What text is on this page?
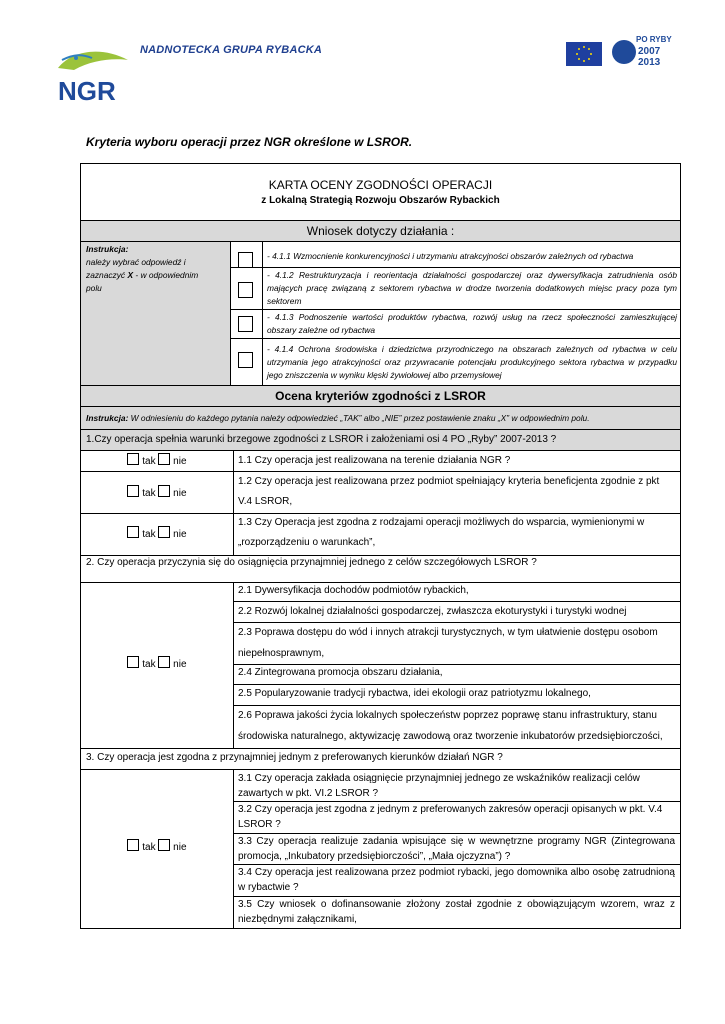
NGR
NADNOTECKA GRUPA RYBACKA
PO RYBY
2007
2013
Kryteria wyboru operacji przez NGR określone w LSROR.
KARTA OCENY ZGODNOŚCI OPERACJI
z Lokalną Strategią Rozwoju Obszarów Rybackich
Wniosek dotyczy działania :
Instrukcja:
należy wybrać odpowiedź i
zaznaczyć X - w odpowiednim
polu
- 4.1.1 Wzmocnienie konkurencyjności i utrzymaniu atrakcyjności obszarów zależnych od rybactwa
- 4.1.2 Restrukturyzacja i reorientacja działalności gospodarczej oraz dywersyfikacja zatrudnienia osób mających pracę związaną z sektorem rybactwa w drodze tworzenia dodatkowych miejsc pracy poza tym sektorem
- 4.1.3 Podnoszenie wartości produktów rybactwa, rozwój usług na rzecz społeczności zamieszkującej obszary zależne od rybactwa
- 4.1.4 Ochrona środowiska i dziedzictwa przyrodniczego na obszarach zależnych od rybactwa w celu utrzymania jego atrakcyjności oraz przywracanie potencjału produkcyjnego sektora rybactwa w przypadku jego zniszczenia w wyniku klęski żywiołowej albo przemysłowej
Ocena kryteriów zgodności z LSROR
Instrukcja: W odniesieniu do każdego pytania należy odpowiedzieć „TAK” albo „NIE” przez postawienie znaku „X” w odpowiednim polu.
1.Czy operacja spełnia warunki brzegowe zgodności z LSROR i założeniami osi 4 PO „Ryby” 2007-2013 ?
tak nie	1.1 Czy operacja jest realizowana na terenie działania NGR ?
tak nie
1.2 Czy operacja jest realizowana przez podmiot spełniający kryteria beneficjenta zgodnie z pkt V.4 LSROR,
tak nie
1.3 Czy Operacja jest zgodna z rodzajami operacji możliwych do wsparcia, wymienionymi w „rozporządzeniu o warunkach”,
2. Czy operacja przyczynia się do osiągnięcia przynajmniej jednego z celów szczegółowych LSROR ?
tak nie
2.1 Dywersyfikacja dochodów podmiotów rybackich,
2.2 Rozwój lokalnej działalności gospodarczej, zwłaszcza ekoturystyki i turystyki wodnej
2.3 Poprawa dostępu do wód i innych atrakcji turystycznych, w tym ułatwienie dostępu osobom niepełnosprawnym,
2.4 Zintegrowana promocja obszaru działania,
2.5 Popularyzowanie tradycji rybactwa, idei ekologii oraz patriotyzmu lokalnego,
2.6 Poprawa jakości życia lokalnych społeczeństw poprzez poprawę stanu infrastruktury, stanu środowiska naturalnego, aktywizację zawodową oraz tworzenie inkubatorów przedsiębiorczości,
3. Czy operacja jest zgodna z przynajmniej jednym z preferowanych kierunków działań NGR ?
tak nie
3.1 Czy operacja zakłada osiągnięcie przynajmniej jednego ze wskaźników realizacji celów zawartych w pkt. VI.2 LSROR ?
3.2 Czy operacja jest zgodna z jednym z preferowanych zakresów operacji opisanych w pkt. V.4 LSROR ?
3.3 Czy operacja realizuje zadania wpisujące się w wewnętrzne programy NGR (Zintegrowana promocja, „Inkubatory przedsiębiorczości”, „Mała ojczyzna”) ?
3.4 Czy operacja jest realizowana przez podmiot rybacki, jego domownika albo osobę zatrudnioną w rybactwie ?
3.5 Czy wniosek o dofinansowanie złożony został zgodnie z obowiązującym wzorem, wraz z niezbędnymi załącznikami,
